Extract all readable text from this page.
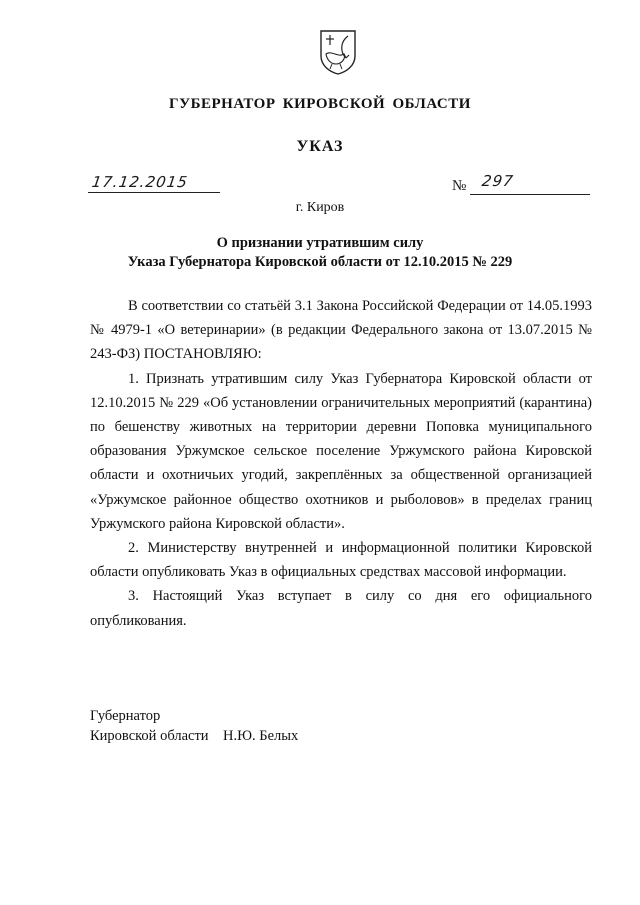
ГУБЕРНАТОР КИРОВСКОЙ ОБЛАСТИ
УКАЗ
17.12.2015	№ 297
г. Киров
О признании утратившим силу
Указа Губернатора Кировской области от 12.10.2015 № 229

В соответствии со статьёй 3.1 Закона Российской Федерации от 14.05.1993 № 4979-1 «О ветеринарии» (в редакции Федерального закона от 13.07.2015 № 243-ФЗ) ПОСТАНОВЛЯЮ:

1. Признать утратившим силу Указ Губернатора Кировской области от 12.10.2015 № 229 «Об установлении ограничительных мероприятий (карантина) по бешенству животных на территории деревни Поповка муниципального образования Уржумское сельское поселение Уржумского района Кировской области и охотничьих угодий, закреплённых за общественной организацией «Уржумское районное общество охотников и рыболовов» в пределах границ Уржумского района Кировской области».

2. Министерству внутренней и информационной политики Кировской области опубликовать Указ в официальных средствах массовой информации.

3. Настоящий Указ вступает в силу со дня его официального опубликования.

Губернатор
Кировской области Н.Ю. Белых
